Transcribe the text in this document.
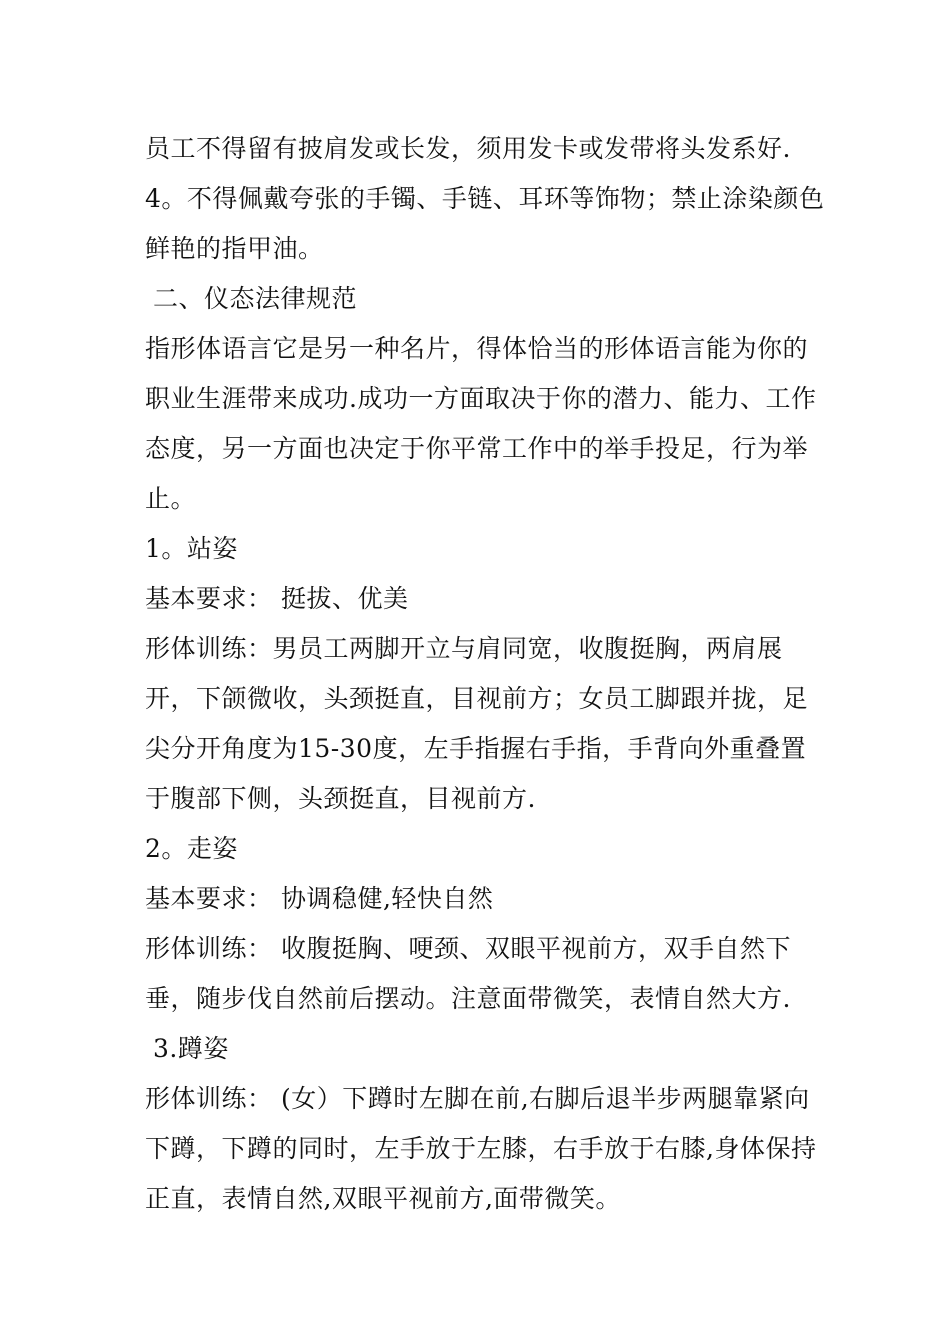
员工不得留有披肩发或长发，须用发卡或发带将头发系好.

4。不得佩戴夸张的手镯、手链、耳环等饰物；禁止涂染颜色鲜艳的指甲油。

二、仪态法律规范

指形体语言它是另一种名片，得体恰当的形体语言能为你的职业生涯带来成功.成功一方面取决于你的潜力、能力、工作态度，另一方面也决定于你平常工作中的举手投足，行为举止。

1。站姿

基本要求： 挺拔、优美

形体训练：男员工两脚开立与肩同宽，收腹挺胸，两肩展开，下颌微收，头颈挺直，目视前方；女员工脚跟并拢，足尖分开角度为15-30度，左手指握右手指，手背向外重叠置于腹部下侧，头颈挺直，目视前方.

2。走姿

基本要求： 协调稳健,轻快自然

形体训练： 收腹挺胸、哽颈、双眼平视前方，双手自然下垂，随步伐自然前后摆动。注意面带微笑，表情自然大方.

3.蹲姿

形体训练： (女）下蹲时左脚在前,右脚后退半步两腿靠紧向下蹲，下蹲的同时，左手放于左膝，右手放于右膝,身体保持正直，表情自然,双眼平视前方,面带微笑。
